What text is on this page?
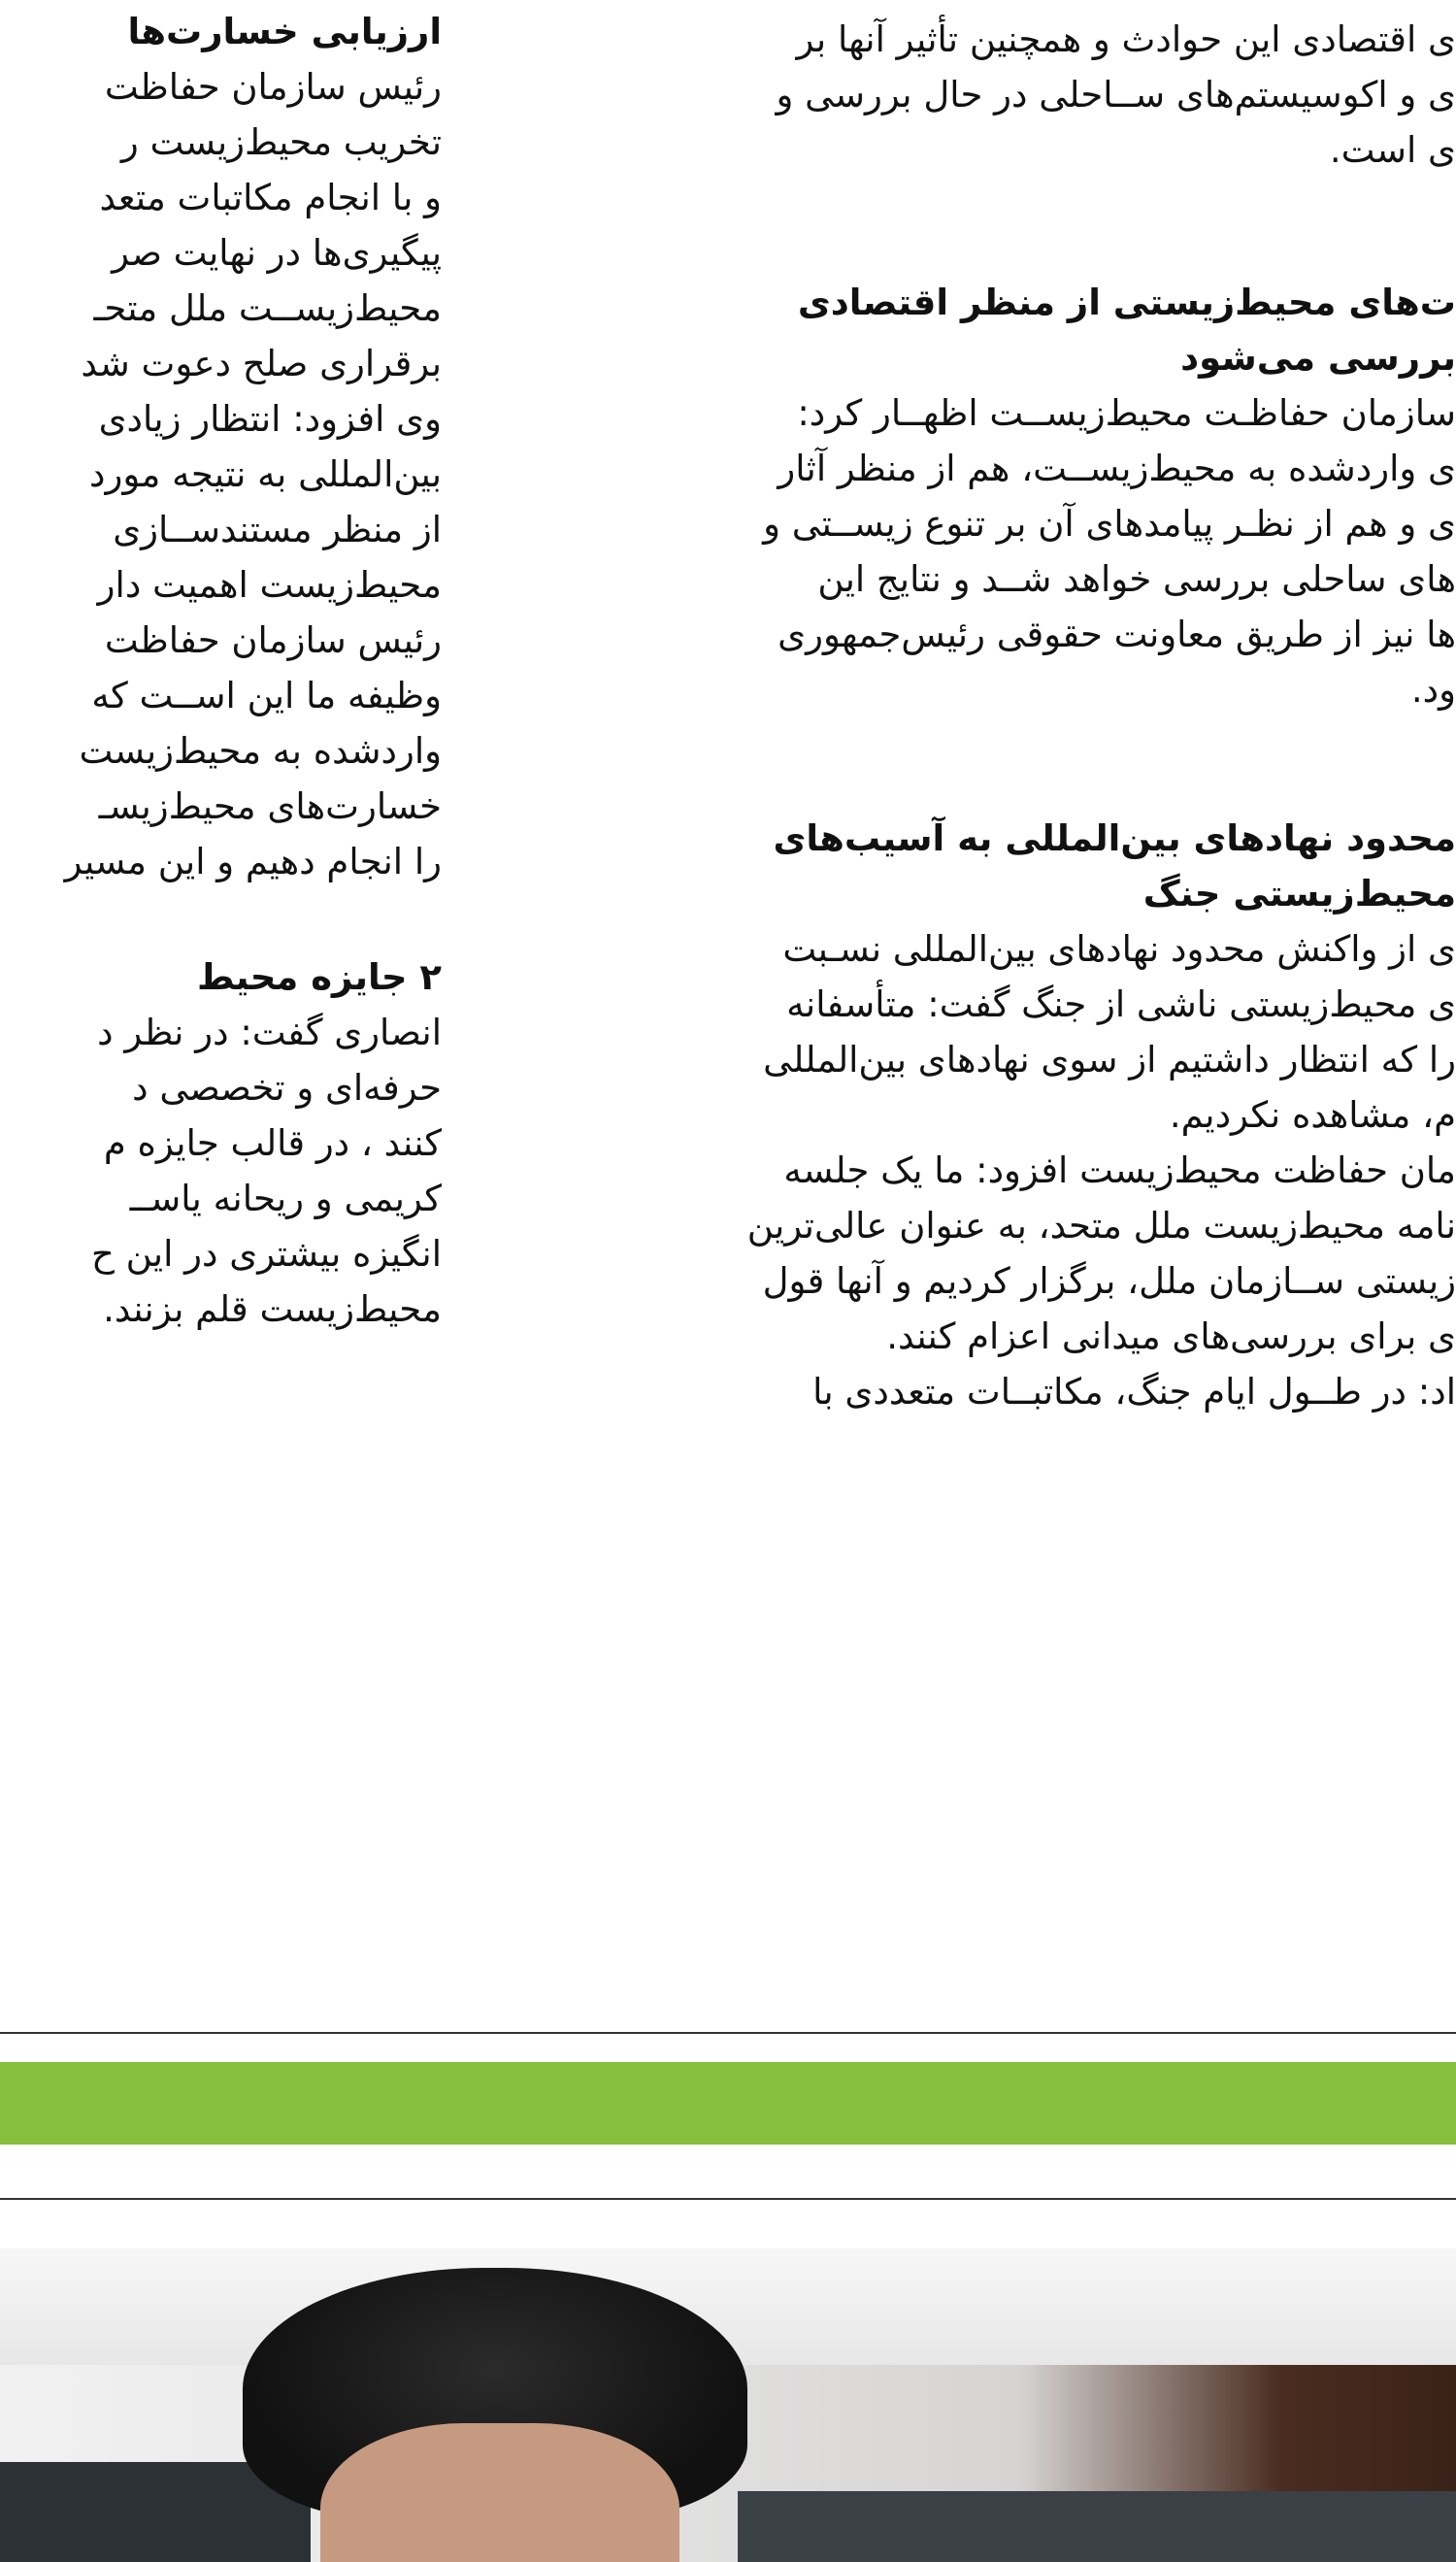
ارزیابی خسارت‌ها

رئیس سازمان حفاظت

تخریب محیط‌زیست ر

و با انجام مکاتبات متعد

پیگیری‌ها در نهایت صر

محیط‌زیســت ملل متحـ

برقراری صلح دعوت شد

وی افزود: انتظار زیادی

بین‌المللی به نتیجه مورد

از منظر مستندســازی

محیط‌زیست اهمیت دار

رئیس سازمان حفاظت

وظیفه ما این اســت که

وارد‌شده به محیط‌زیست

خسارت‌های محیط‌زیسـ

را انجام دهیم و این مسیر

۲ جایزه محیط

انصاری گفت: در نظر د

حرفه‌ای و تخصصی د

کنند ، در قالب جایزه م

کریمی و ریحانه یاســ

انگیزه بیشتری در این ح

محیط‌زیست قلم بزنند.

ی اقتصادی این حوادث و همچنین تأثیر آنها بر

ی و اکوسیستم‌های ســاحلی در حال بررسی و

ی است.

ت‌های محیط‌زیستی از منظر اقتصادی

بررسی می‌شود

سازمان حفاظـت محیط‌زیســت اظهــار کرد:

ی وارد‌شده به محیط‌زیســت، هم از منظر آثار

ی و هم از نظـر پیامدهای آن بر تنوع زیســتی و

های ساحلی بررسی خواهد شــد و نتایج این

ها نیز از طریق معاونت حقوقی رئیس‌جمهوری

ود.

محدود نهادهای بین‌المللی به آسیب‌های

محیط‌زیستی جنگ

ی از واکنش محدود نهادهای بین‌المللی نسـبت

ی محیط‌زیستی ناشی از جنگ گفت: متأسفانه

را که انتظار داشتیم از سوی نهادهای بین‌المللی

م، مشاهده نکردیم.

مان حفاظت محیط‌زیست افزود: ما یک جلسه

نامه محیط‌زیست ملل متحد، به عنوان عالی‌ترین

زیستی ســازمان ملل، برگزار کردیم و آنها قول

ی برای بررسی‌های میدانی اعزام کنند.

اد: در طــول ایام جنگ، مکاتبــات متعددی با
